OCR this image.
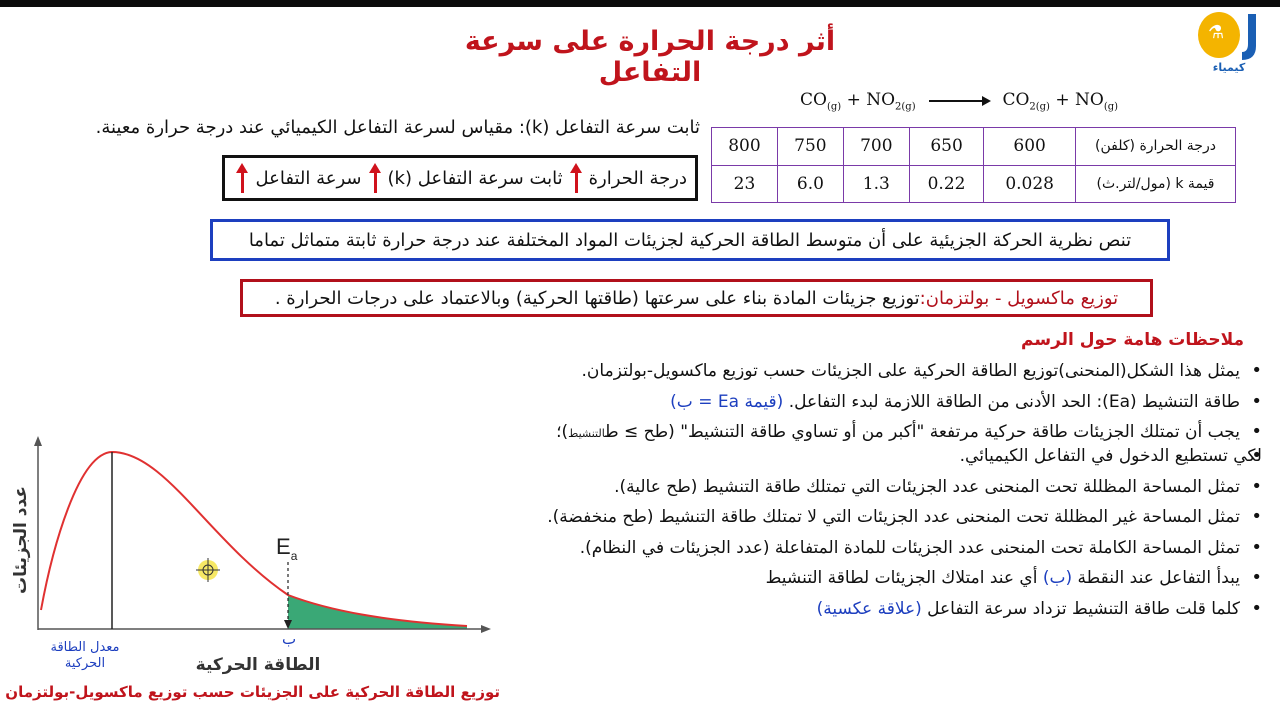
⚗
كيمياء
أثر درجة الحرارة على سرعة التفاعل
ثابت سرعة التفاعل (k): مقياس لسرعة التفاعل الكيميائي عند درجة حرارة معينة.
درجة الحرارة
ثابت سرعة التفاعل (k)
سرعة التفاعل
$CO_{(g)} + NO_{2(g)} \to CO_{2(g)} + NO_{(g)}$
درجة الحرارة (كلفن)	600	650	700	750	800
قيمة k (مول/لتر.ث)	0.028	0.22	1.3	6.0	23
تنص نظرية الحركة الجزيئية على أن متوسط الطاقة الحركية لجزيئات المواد المختلفة عند درجة حرارة ثابتة متماثل تماما
توزيع ماكسويل - بولتزمان:
توزيع جزيئات المادة بناء على سرعتها (طاقتها الحركية) وبالاعتماد على درجات الحرارة .
ملاحظات هامة حول الرسم
• يمثل هذا الشكل(المنحنى)توزيع الطاقة الحركية على الجزيئات حسب توزيع ماكسويل-بولتزمان.
• طاقة التنشيط (Ea): الحد الأدنى من الطاقة اللازمة لبدء التفاعل. (قيمة Ea = ب)
• يجب أن تمتلك الجزيئات طاقة حركية مرتفعة "أكبر من أو تساوي طاقة التنشيط" (طح ≥ طالتنشيط)؛
• لكي تستطيع الدخول في التفاعل الكيميائي.
• تمثل المساحة المظللة تحت المنحنى عدد الجزيئات التي تمتلك طاقة التنشيط (طح عالية).
• تمثل المساحة غير المظللة تحت المنحنى عدد الجزيئات التي لا تمتلك طاقة التنشيط (طح منخفضة).
• تمثل المساحة الكاملة تحت المنحنى عدد الجزيئات للمادة المتفاعلة (عدد الجزيئات في النظام).
• يبدأ التفاعل عند النقطة (ب) أي عند امتلاك الجزيئات لطاقة التنشيط
• كلما قلت طاقة التنشيط تزداد سرعة التفاعل (علاقة عكسية)
$E_a$
ب
معدل الطاقة الحركية	الطاقة الحركية
عدد الجزيئات
توزيع الطاقة الحركية على الجزيئات حسب توزيع ماكسويل-بولتزمان
